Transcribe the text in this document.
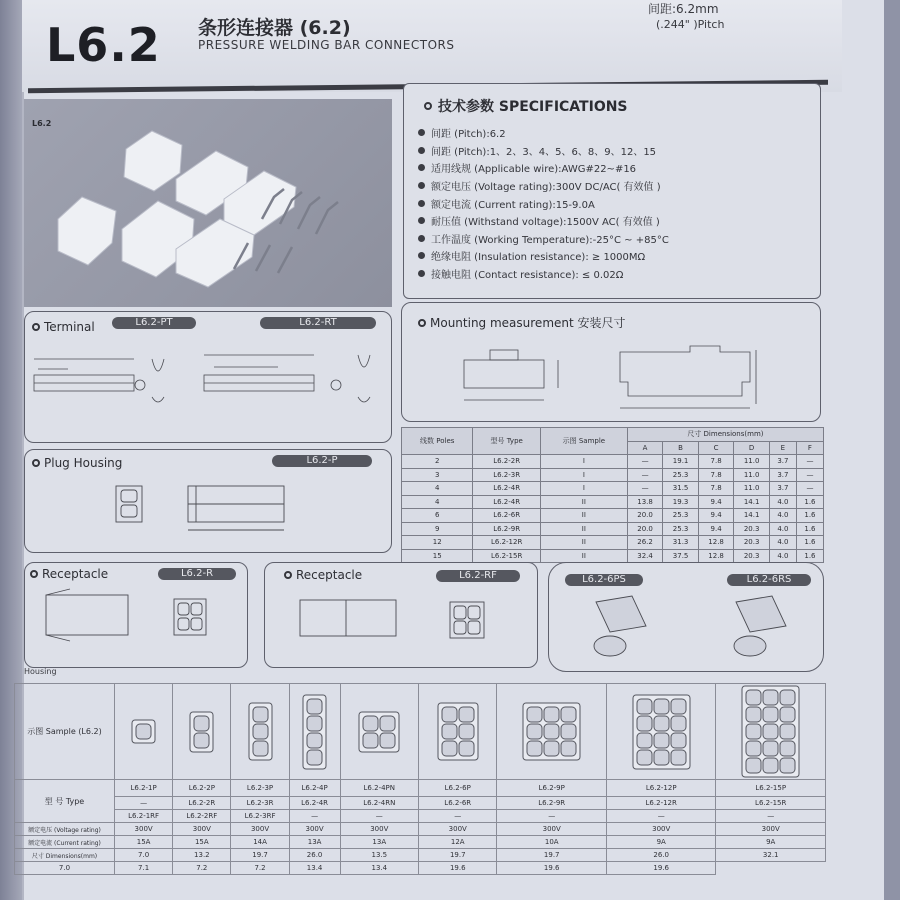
L6.2 条形连接器 (6.2)
PRESSURE WELDING BAR CONNECTORS
间距:6.2mm
(.244" )Pitch
L6.2
技术参数 SPECIFICATIONS
间距 (Pitch):6.2
间距 (Pitch):1、2、3、4、5、6、8、9、12、15
适用线规 (Applicable wire):AWG#22~#16
额定电压 (Voltage rating):300V DC/AC( 有效值 )
额定电流 (Current rating):15-9.0A
耐压值 (Withstand voltage):1500V AC( 有效值 )
工作温度 (Working Temperature):-25°C ~ +85°C
绝缘电阻 (Insulation resistance): ≥ 1000MΩ
接触电阻 (Contact resistance): ≤ 0.02Ω
Terminal	L6.2-PT	L6.2-RT	Mounting measurement 安装尺寸
线数 Poles	型号 Type	示图 Sample	尺寸 Dimensions(mm)					
			A	B	C	D	E	F
2	L6.2-2R	I	—	19.1	7.8	11.0	3.7	—
3	L6.2-3R	I	—	25.3	7.8	11.0	3.7	—
4	L6.2-4R	I	—	31.5	7.8	11.0	3.7	—
4	L6.2-4R	II	13.8	19.3	9.4	14.1	4.0	1.6
6	L6.2-6R	II	20.0	25.3	9.4	14.1	4.0	1.6
9	L6.2-9R	II	20.0	25.3	9.4	20.3	4.0	1.6
12	L6.2-12R	II	26.2	31.3	12.8	20.3	4.0	1.6
15	L6.2-15R	II	32.4	37.5	12.8	20.3	4.0	1.6
Plug Housing	L6.2-P
Receptacle	L6.2-R	Receptacle	L6.2-RF	L6.2-6PS	L6.2-6RS
Housing
示图 Sample (L6.2)	

型 号 Type	L6.2-1P	L6.2-2P	L6.2-3P	L6.2-4P	L6.2-4PN	L6.2-6P	L6.2-9P	L6.2-12P	L6.2-15P
	—	L6.2-2R	L6.2-3R	L6.2-4R	L6.2-4RN	L6.2-6R	L6.2-9R	L6.2-12R	L6.2-15R
	L6.2-1RF	L6.2-2RF	L6.2-3RF	—	—	—	—	—	—
额定电压 (Voltage rating)	300V	300V	300V	300V	300V	300V	300V	300V	300V
额定电流 (Current rating)	15A	15A	14A	13A	13A	12A	10A	9A	9A
尺寸 Dimensions(mm)	7.0	13.2	19.7	26.0	13.5	19.7	19.7	26.0	32.1
7.0	7.1	7.2	7.2	13.4	13.4	19.6	19.6	19.6	
